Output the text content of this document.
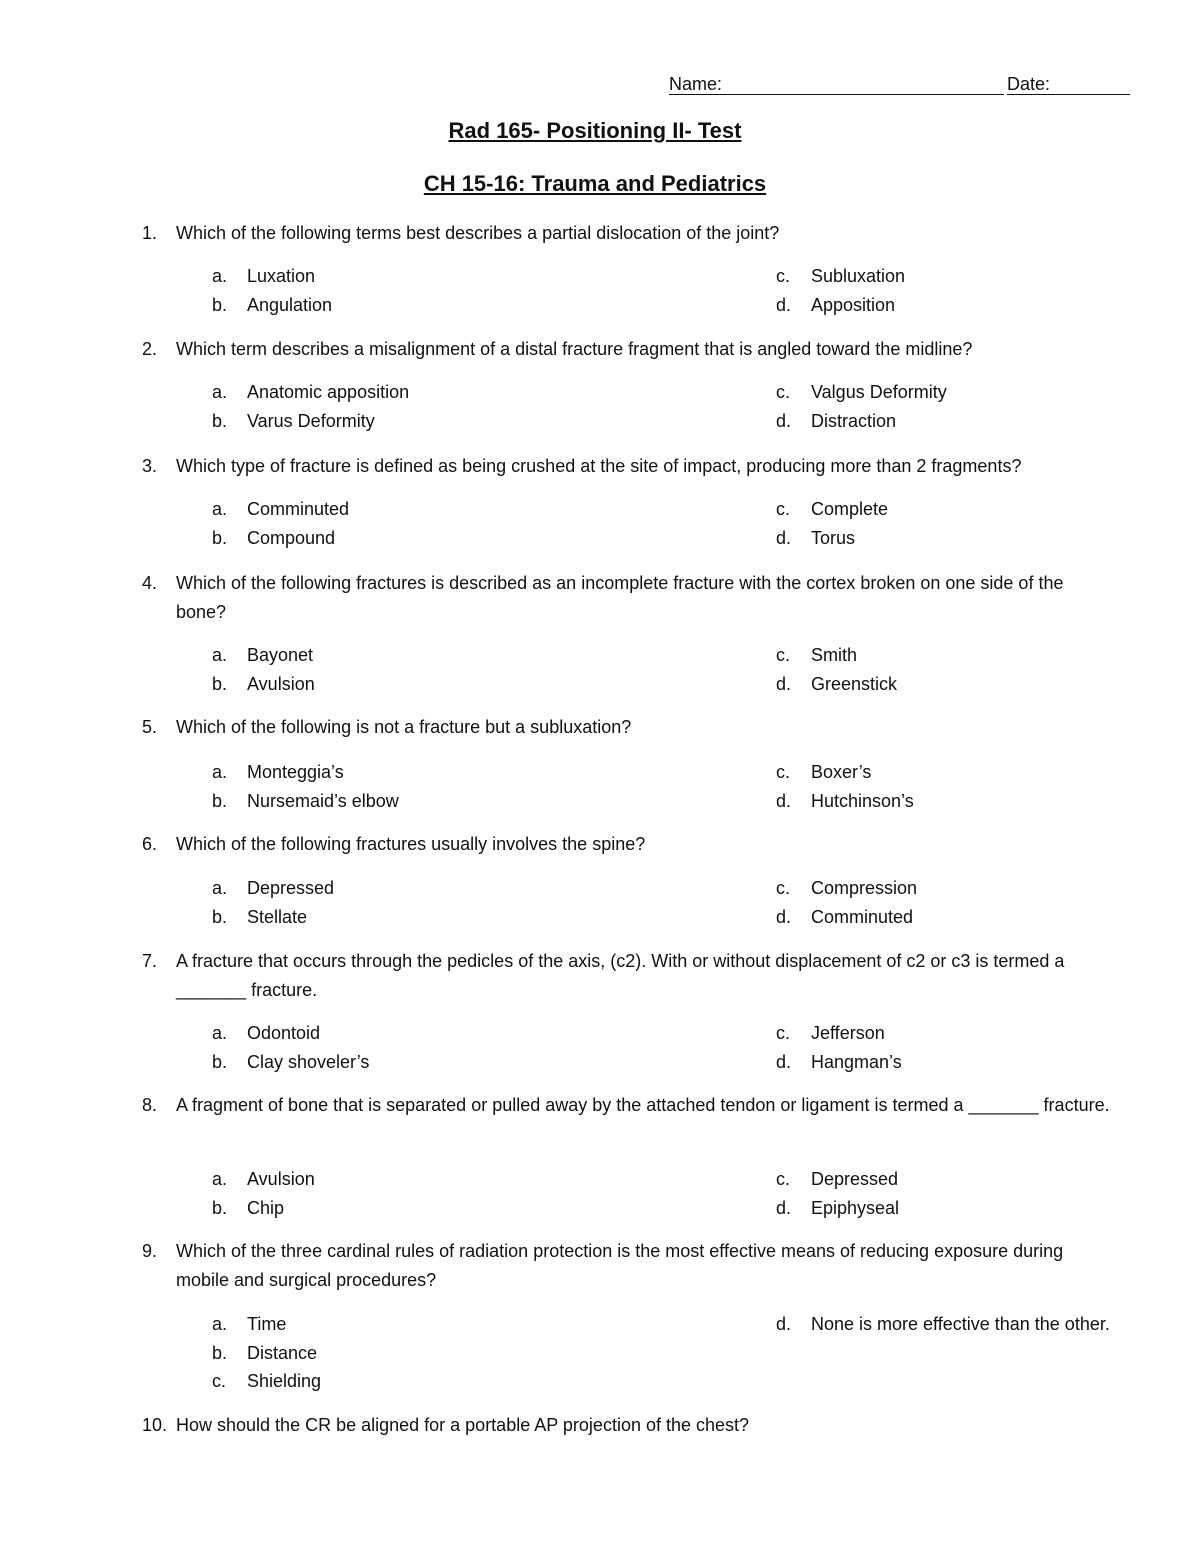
Name:	Date:
Rad 165- Positioning II- Test
CH 15-16: Trauma and Pediatrics
1. Which of the following terms best describes a partial dislocation of the joint?
a. Luxation
b. Angulation
c. Subluxation
d. Apposition
2. Which term describes a misalignment of a distal fracture fragment that is angled toward the midline?
a. Anatomic apposition
b. Varus Deformity
c. Valgus Deformity
d. Distraction
3. Which type of fracture is defined as being crushed at the site of impact, producing more than 2 fragments?
a. Comminuted
b. Compound
c. Complete
d. Torus
4. Which of the following fractures is described as an incomplete fracture with the cortex broken on one side of the bone?
a. Bayonet
b. Avulsion
c. Smith
d. Greenstick
5. Which of the following is not a fracture but a subluxation?
a. Monteggia’s
b. Nursemaid’s elbow
c. Boxer’s
d. Hutchinson’s
6. Which of the following fractures usually involves the spine?
a. Depressed
b. Stellate
c. Compression
d. Comminuted
7. A fracture that occurs through the pedicles of the axis, (c2). With or without displacement of c2 or c3 is termed a _______ fracture.
a. Odontoid
b. Clay shoveler’s
c. Jefferson
d. Hangman’s
8. A fragment of bone that is separated or pulled away by the attached tendon or ligament is termed a _______ fracture.
a. Avulsion
b. Chip
c. Depressed
d. Epiphyseal
9. Which of the three cardinal rules of radiation protection is the most effective means of reducing exposure during mobile and surgical procedures?
a. Time
b. Distance
c. Shielding
d. None is more effective than the other.
10. How should the CR be aligned for a portable AP projection of the chest?
